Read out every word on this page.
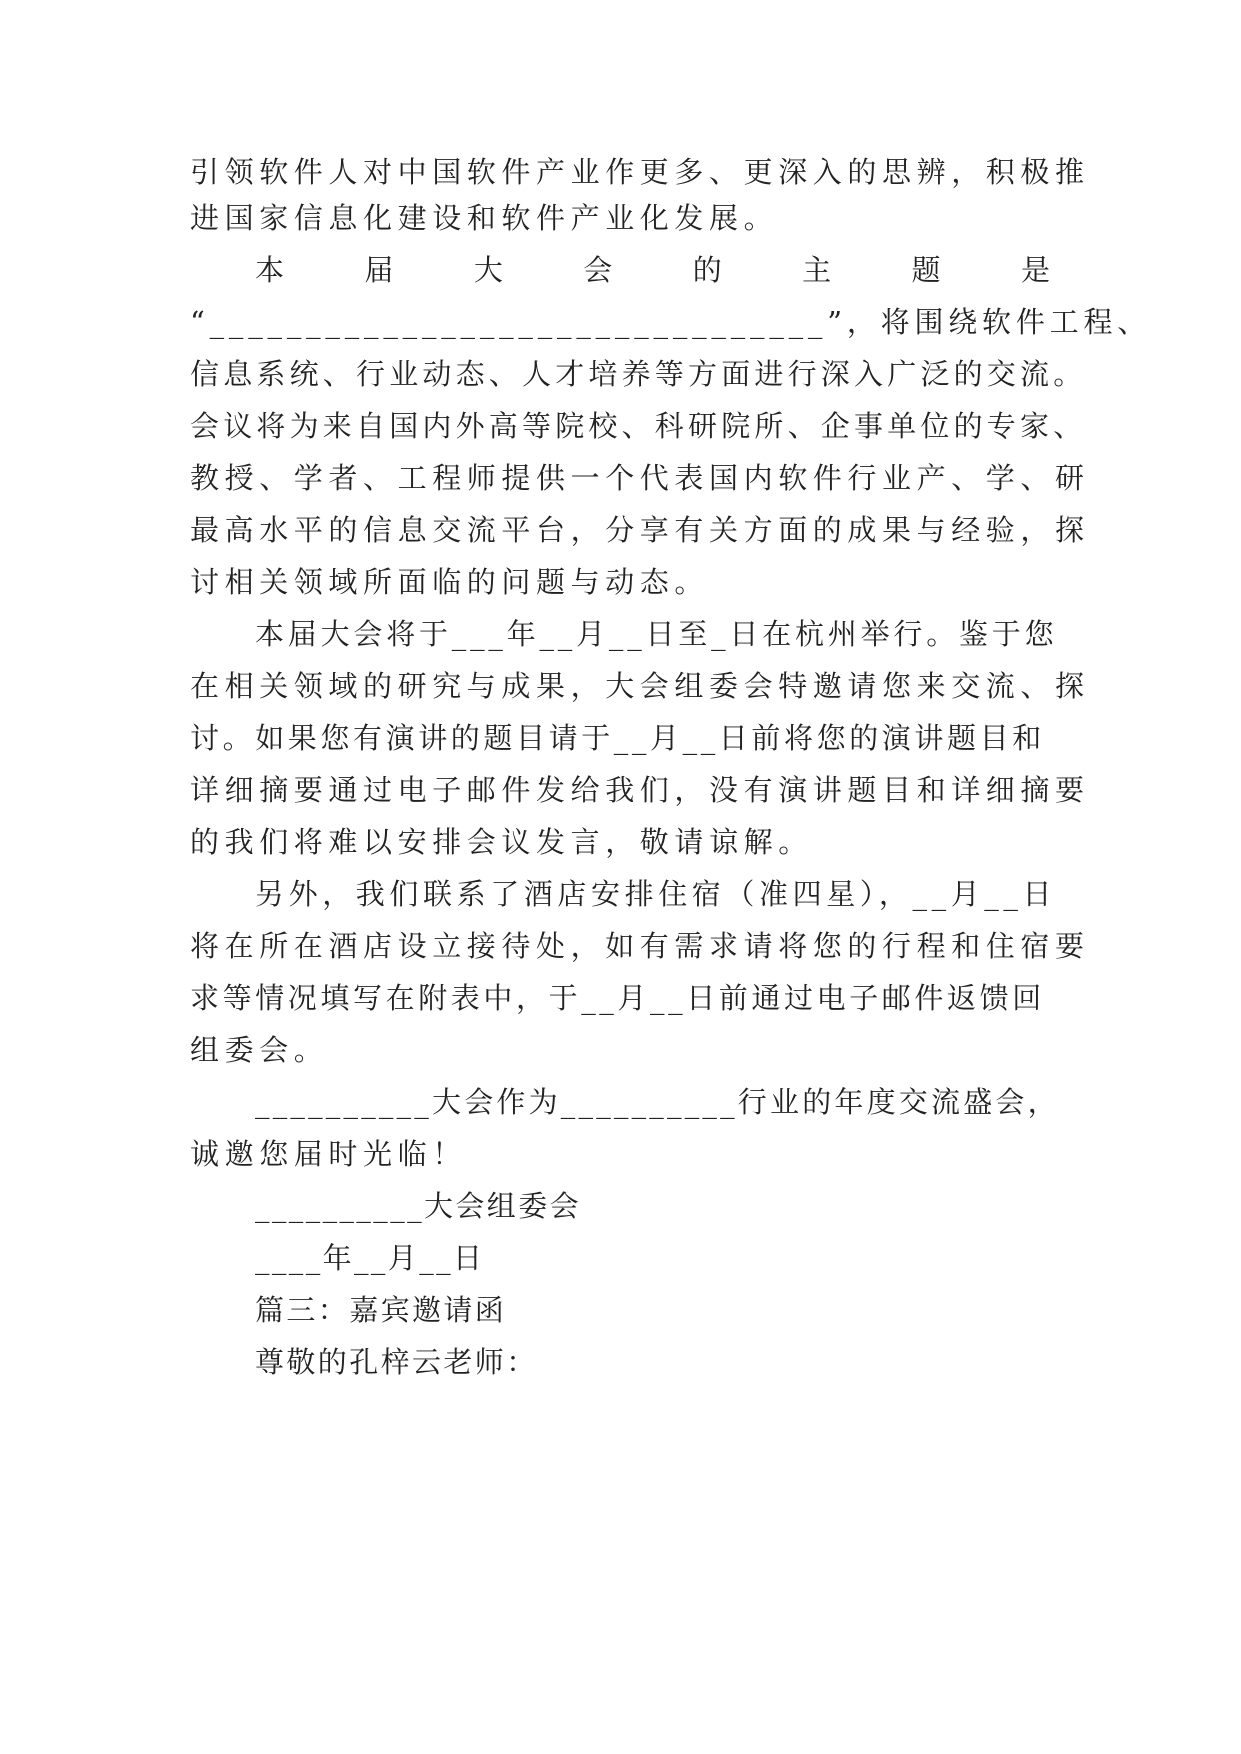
引领软件人对中国软件产业作更多、更深入的思辨，积极推
进国家信息化建设和软件产业化发展。
本	届	大	会	的	主	题	是
“________________________________”，将围绕软件工程、
信息系统、行业动态、人才培养等方面进行深入广泛的交流。
会议将为来自国内外高等院校、科研院所、企事单位的专家、
教授、学者、工程师提供一个代表国内软件行业产、学、研
最高水平的信息交流平台，分享有关方面的成果与经验，探
讨相关领域所面临的问题与动态。
本届大会将于___年__月__日至_日在杭州举行。鉴于您
在相关领域的研究与成果，大会组委会特邀请您来交流、探
讨。如果您有演讲的题目请于__月__日前将您的演讲题目和
详细摘要通过电子邮件发给我们，没有演讲题目和详细摘要
的我们将难以安排会议发言，敬请谅解。
另外，我们联系了酒店安排住宿（准四星），__月__日
将在所在酒店设立接待处，如有需求请将您的行程和住宿要
求等情况填写在附表中，于__月__日前通过电子邮件返馈回
组委会。
__________大会作为__________行业的年度交流盛会，
诚邀您届时光临！
__________大会组委会
____年__月__日
篇三：嘉宾邀请函
尊敬的孔梓云老师：
